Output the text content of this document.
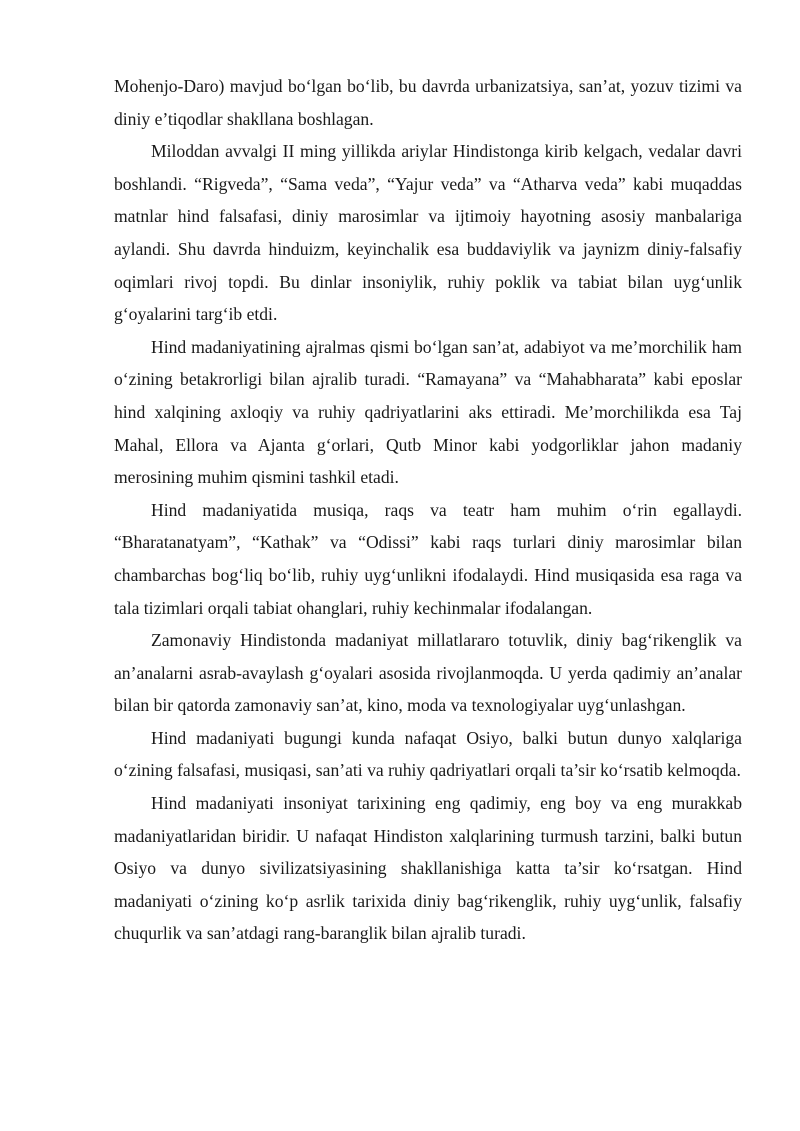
Mohenjo-Daro) mavjud bo‘lgan bo‘lib, bu davrda urbanizatsiya, san’at, yozuv tizimi va diniy e’tiqodlar shakllana boshlagan.

Miloddan avvalgi II ming yillikda ariylar Hindistonga kirib kelgach, vedalar davri boshlandi. “Rigveda”, “Sama veda”, “Yajur veda” va “Atharva veda” kabi muqaddas matnlar hind falsafasi, diniy marosimlar va ijtimoiy hayotning asosiy manbalariga aylandi. Shu davrda hinduizm, keyinchalik esa buddaviylik va jaynizm diniy-falsafiy oqimlari rivoj topdi. Bu dinlar insoniylik, ruhiy poklik va tabiat bilan uyg‘unlik g‘oyalarini targ‘ib etdi.

Hind madaniyatining ajralmas qismi bo‘lgan san’at, adabiyot va me’morchilik ham o‘zining betakrorligi bilan ajralib turadi. “Ramayana” va “Mahabharata” kabi eposlar hind xalqining axloqiy va ruhiy qadriyatlarini aks ettiradi. Me’morchilikda esa Taj Mahal, Ellora va Ajanta g‘orlari, Qutb Minor kabi yodgorliklar jahon madaniy merosining muhim qismini tashkil etadi.

Hind madaniyatida musiqa, raqs va teatr ham muhim o‘rin egallaydi. “Bharatanatyam”, “Kathak” va “Odissi” kabi raqs turlari diniy marosimlar bilan chambarchas bog‘liq bo‘lib, ruhiy uyg‘unlikni ifodalaydi. Hind musiqasida esa raga va tala tizimlari orqali tabiat ohanglari, ruhiy kechinmalar ifodalangan.

Zamonaviy Hindistonda madaniyat millatlararo totuvlik, diniy bag‘rikenglik va an’analarni asrab-avaylash g‘oyalari asosida rivojlanmoqda. U yerda qadimiy an’analar bilan bir qatorda zamonaviy san’at, kino, moda va texnologiyalar uyg‘unlashgan.

Hind madaniyati bugungi kunda nafaqat Osiyo, balki butun dunyo xalqlariga o‘zining falsafasi, musiqasi, san’ati va ruhiy qadriyatlari orqali ta’sir ko‘rsatib kelmoqda.

Hind madaniyati insoniyat tarixining eng qadimiy, eng boy va eng murakkab madaniyatlaridan biridir. U nafaqat Hindiston xalqlarining turmush tarzini, balki butun Osiyo va dunyo sivilizatsiyasining shakllanishiga katta ta’sir ko‘rsatgan. Hind madaniyati o‘zining ko‘p asrlik tarixida diniy bag‘rikenglik, ruhiy uyg‘unlik, falsafiy chuqurlik va san’atdagi rang-baranglik bilan ajralib turadi.
